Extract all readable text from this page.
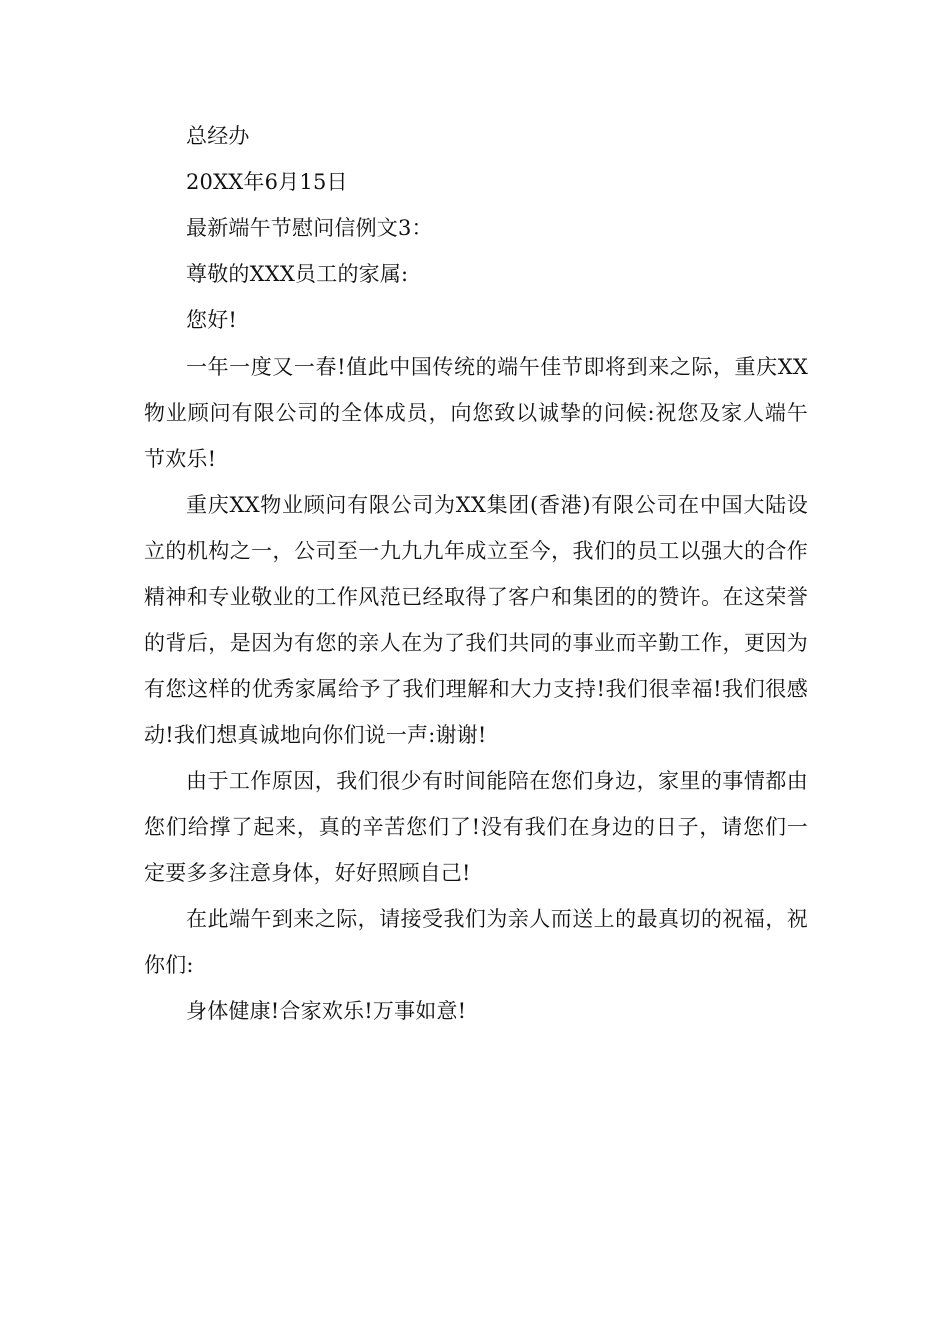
总经办

20XX年6月15日

最新端午节慰问信例文3：

尊敬的XXX员工的家属:

您好!

一年一度又一春!值此中国传统的端午佳节即将到来之际，重庆XX物业顾问有限公司的全体成员，向您致以诚挚的问候:祝您及家人端午节欢乐!

重庆XX物业顾问有限公司为XX集团(香港)有限公司在中国大陆设立的机构之一，公司至一九九九年成立至今，我们的员工以强大的合作精神和专业敬业的工作风范已经取得了客户和集团的的赞许。在这荣誉的背后，是因为有您的亲人在为了我们共同的事业而辛勤工作，更因为有您这样的优秀家属给予了我们理解和大力支持!我们很幸福!我们很感动!我们想真诚地向你们说一声:谢谢!

由于工作原因，我们很少有时间能陪在您们身边，家里的事情都由您们给撑了起来，真的辛苦您们了!没有我们在身边的日子，请您们一定要多多注意身体，好好照顾自己!

在此端午到来之际，请接受我们为亲人而送上的最真切的祝福，祝你们:

身体健康!合家欢乐!万事如意!
